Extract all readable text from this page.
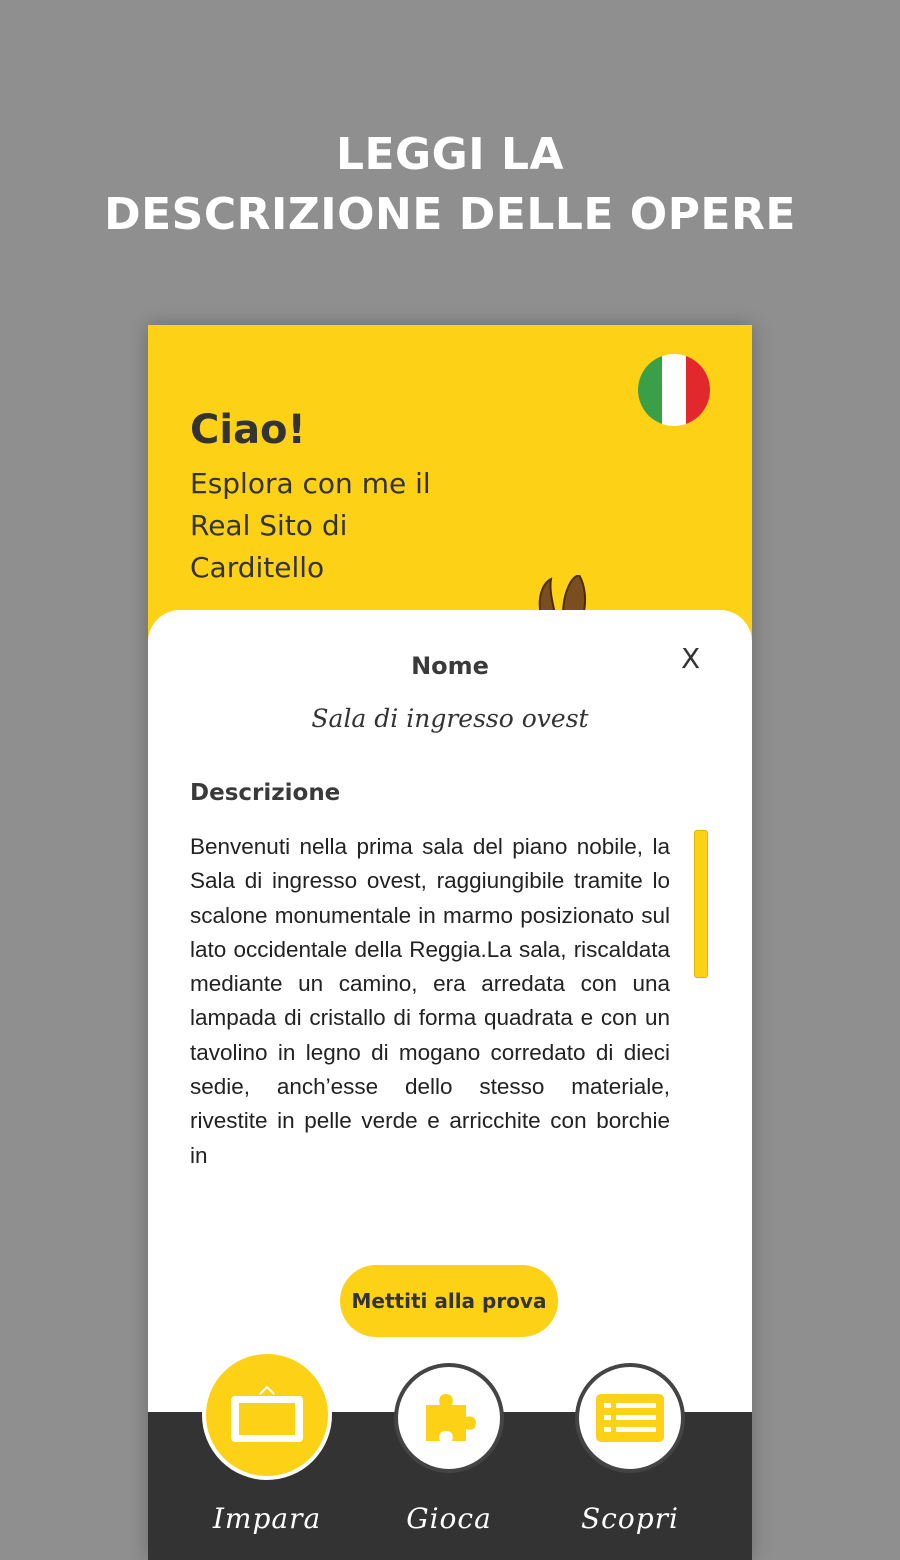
LEGGI LA
DESCRIZIONE DELLE OPERE
Ciao!
Esplora con me il Real Sito di Carditello
X
Nome
Sala di ingresso ovest
Descrizione
Benvenuti nella prima sala del piano nobile, la Sala di ingresso ovest, raggiungibile tramite lo scalone monumentale in marmo posizionato sul lato occidentale della Reggia.La sala, riscaldata mediante un camino, era arredata con una lampada di cristallo di forma quadrata e con un tavolino in legno di mogano corredato di dieci sedie, anch’esse dello stesso materiale, rivestite in pelle verde e arricchite con borchie in
Mettiti alla prova
Impara	Gioca	Scopri
